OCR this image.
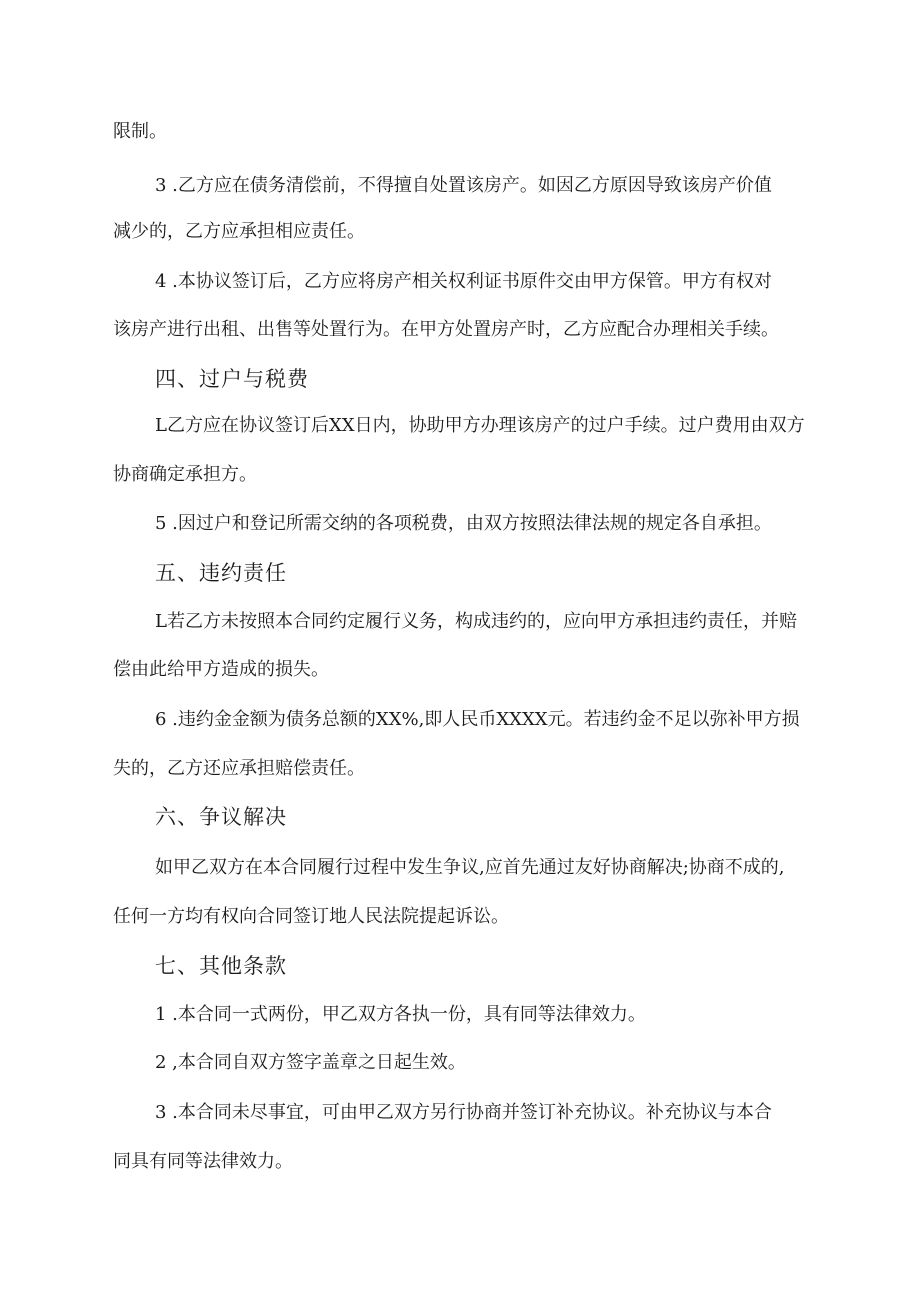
限制。
3 .乙方应在债务清偿前，不得擅自处置该房产。如因乙方原因导致该房产价值
减少的，乙方应承担相应责任。
4 .本协议签订后，乙方应将房产相关权利证书原件交由甲方保管。甲方有权对
该房产进行出租、出售等处置行为。在甲方处置房产时，乙方应配合办理相关手续。
四、过户与税费
L乙方应在协议签订后XX日内，协助甲方办理该房产的过户手续。过户费用由双方
协商确定承担方。
5 .因过户和登记所需交纳的各项税费，由双方按照法律法规的规定各自承担。
五、违约责任
L若乙方未按照本合同约定履行义务，构成违约的，应向甲方承担违约责任，并赔
偿由此给甲方造成的损失。
6 .违约金金额为债务总额的XX%,即人民币XXXX元。若违约金不足以弥补甲方损
失的，乙方还应承担赔偿责任。
六、争议解决
如甲乙双方在本合同履行过程中发生争议,应首先通过友好协商解决;协商不成的,
任何一方均有权向合同签订地人民法院提起诉讼。
七、其他条款
1 .本合同一式两份，甲乙双方各执一份，具有同等法律效力。
2 ,本合同自双方签字盖章之日起生效。
3 .本合同未尽事宜，可由甲乙双方另行协商并签订补充协议。补充协议与本合
同具有同等法律效力。
